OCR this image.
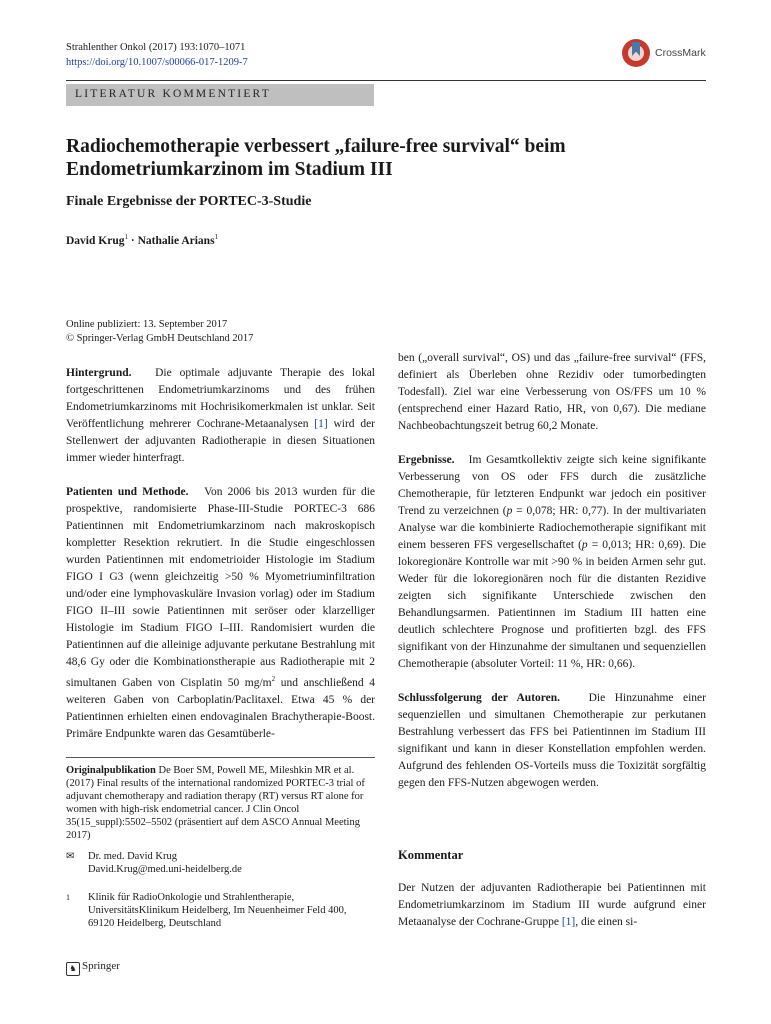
Strahlenther Onkol (2017) 193:1070–1071
https://doi.org/10.1007/s00066-017-1209-7
CrossMark
LITERATUR KOMMENTIERT
Radiochemotherapie verbessert „failure-free survival“ beim Endometriumkarzinom im Stadium III
Finale Ergebnisse der PORTEC-3-Studie
David Krug$^1$ · Nathalie Arians$^1$
Online publiziert: 13. September 2017
© Springer-Verlag GmbH Deutschland 2017

Hintergrund. Die optimale adjuvante Therapie des lokal fortgeschrittenen Endometriumkarzinoms und des frühen Endometriumkarzinoms mit Hochrisikomerkmalen ist unklar. Seit Veröffentlichung mehrerer Cochrane-Metaanalysen [1] wird der Stellenwert der adjuvanten Radiotherapie in diesen Situationen immer wieder hinterfragt.

Patienten und Methode. Von 2006 bis 2013 wurden für die prospektive, randomisierte Phase-III-Studie PORTEC-3 686 Patientinnen mit Endometriumkarzinom nach makroskopisch kompletter Resektion rekrutiert. In die Studie eingeschlossen wurden Patientinnen mit endometrioider Histologie im Stadium FIGO I G3 (wenn gleichzeitig >50 % Myometriuminfiltration und/oder eine lymphovaskuläre Invasion vorlag) oder im Stadium FIGO II–III sowie Patientinnen mit seröser oder klarzelliger Histologie im Stadium FIGO I–III. Randomisiert wurden die Patientinnen auf die alleinige adjuvante perkutane Bestrahlung mit 48,6 Gy oder die Kombinationstherapie aus Radiotherapie mit 2 simultanen Gaben von Cisplatin 50 $mg/m^2$ und anschließend 4 weiteren Gaben von Carboplatin/Paclitaxel. Etwa 45 % der Patientinnen erhielten einen endovaginalen Brachytherapie-Boost. Primäre Endpunkte waren das Gesamtüberle-

Originalpublikation De Boer SM, Powell ME, Mileshkin MR et al. (2017) Final results of the international randomized PORTEC-3 trial of adjuvant chemotherapy and radiation therapy (RT) versus RT alone for women with high-risk endometrial cancer. J Clin Oncol 35(15_suppl):5502–5502 (präsentiert auf dem ASCO Annual Meeting 2017)
✉ Dr. med. David Krug
David.Krug@med.uni-heidelberg.de
1 Klinik für RadioOnkologie und Strahlentherapie, UniversitätsKlinikum Heidelberg, Im Neuenheimer Feld 400, 69120 Heidelberg, Deutschland
♞ Springer

ben („overall survival“, OS) und das „failure-free survival“ (FFS, definiert als Überleben ohne Rezidiv oder tumorbedingten Todesfall). Ziel war eine Verbesserung von OS/FFS um 10 % (entsprechend einer Hazard Ratio, HR, von 0,67). Die mediane Nachbeobachtungszeit betrug 60,2 Monate.

Ergebnisse. Im Gesamtkollektiv zeigte sich keine signifikante Verbesserung von OS oder FFS durch die zusätzliche Chemotherapie, für letzteren Endpunkt war jedoch ein positiver Trend zu verzeichnen (p = 0,078; HR: 0,77). In der multivariaten Analyse war die kombinierte Radiochemotherapie signifikant mit einem besseren FFS vergesellschaftet (p = 0,013; HR: 0,69). Die lokoregionäre Kontrolle war mit >90 % in beiden Armen sehr gut. Weder für die lokoregionären noch für die distanten Rezidive zeigten sich signifikante Unterschiede zwischen den Behandlungsarmen. Patientinnen im Stadium III hatten eine deutlich schlechtere Prognose und profitierten bzgl. des FFS signifikant von der Hinzunahme der simultanen und sequenziellen Chemotherapie (absoluter Vorteil: 11 %, HR: 0,66).

Schlussfolgerung der Autoren. Die Hinzunahme einer sequenziellen und simultanen Chemotherapie zur perkutanen Bestrahlung verbessert das FFS bei Patientinnen im Stadium III signifikant und kann in dieser Konstellation empfohlen werden. Aufgrund des fehlenden OS-Vorteils muss die Toxizität sorgfältig gegen den FFS-Nutzen abgewogen werden.

Kommentar
Der Nutzen der adjuvanten Radiotherapie bei Patientinnen mit Endometriumkarzinom im Stadium III wurde aufgrund einer Metaanalyse der Cochrane-Gruppe [1], die einen si-
